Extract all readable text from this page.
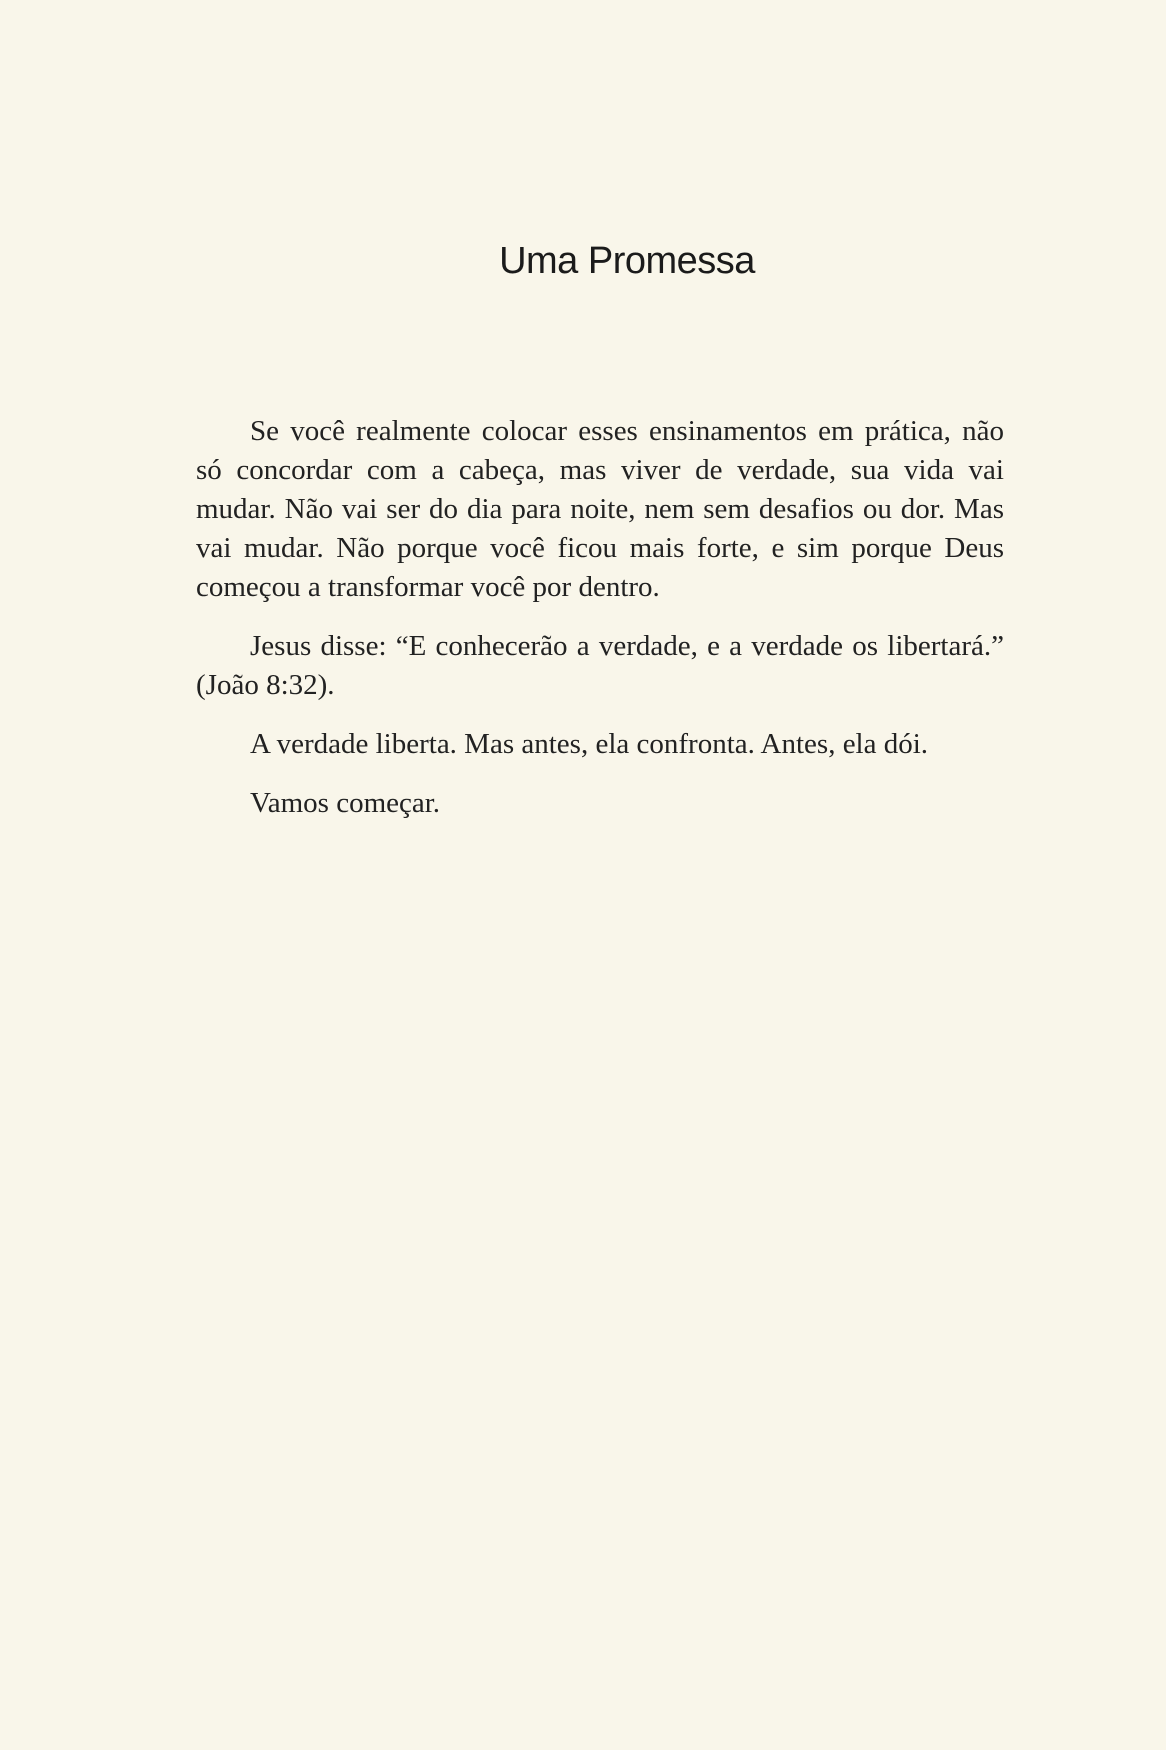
Uma Promessa

Se você realmente colocar esses ensinamentos em prática, não só concordar com a cabeça, mas viver de verdade, sua vida vai mudar. Não vai ser do dia para noite, nem sem desafios ou dor. Mas vai mudar. Não porque você ficou mais forte, e sim porque Deus começou a transformar você por dentro.

Jesus disse: “E conhecerão a verdade, e a verdade os libertará.” (João 8:32).

A verdade liberta. Mas antes, ela confronta. Antes, ela dói.

Vamos começar.
